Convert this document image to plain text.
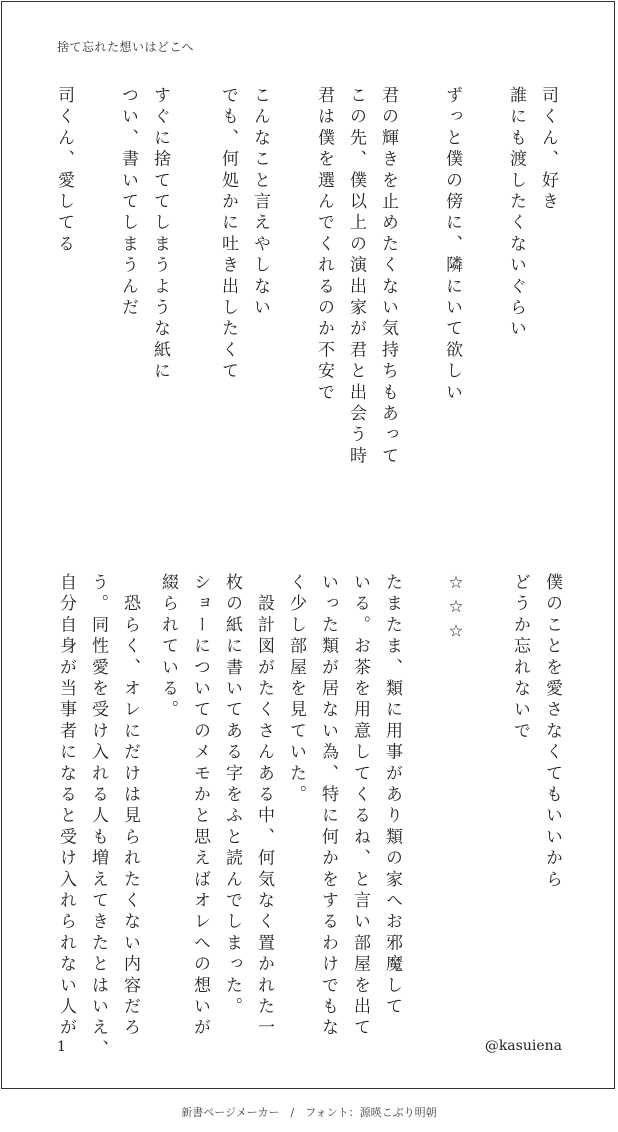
捨て忘れた想いはどこへ
司くん、好き
誰にも渡したくないぐらい
ずっと僕の傍に、隣にいて欲しい
君の輝きを止めたくない気持ちもあって
この先、僕以上の演出家が君と出会う時
君は僕を選んでくれるのか不安で
こんなこと言えやしない
でも、何処かに吐き出したくて
すぐに捨ててしまうような紙に
つい、書いてしまうんだ
司くん、愛してる
僕のことを愛さなくてもいいから
どうか忘れないで
☆☆☆
たまたま、類に用事があり類の家へお邪魔して
いる。お茶を用意してくるね、と言い部屋を出て
いった類が居ない為、特に何かをするわけでもな
く少し部屋を見ていた。
　設計図がたくさんある中、何気なく置かれた一
枚の紙に書いてある字をふと読んでしまった。
ショーについてのメモかと思えばオレへの想いが
綴られている。
　恐らく、オレにだけは見られたくない内容だろ
う。同性愛を受け入れる人も増えてきたとはいえ、
自分自身が当事者になると受け入れられない人が
1	@kasuiena
新書ページメーカー　/　フォント：源暎こぶり明朝
